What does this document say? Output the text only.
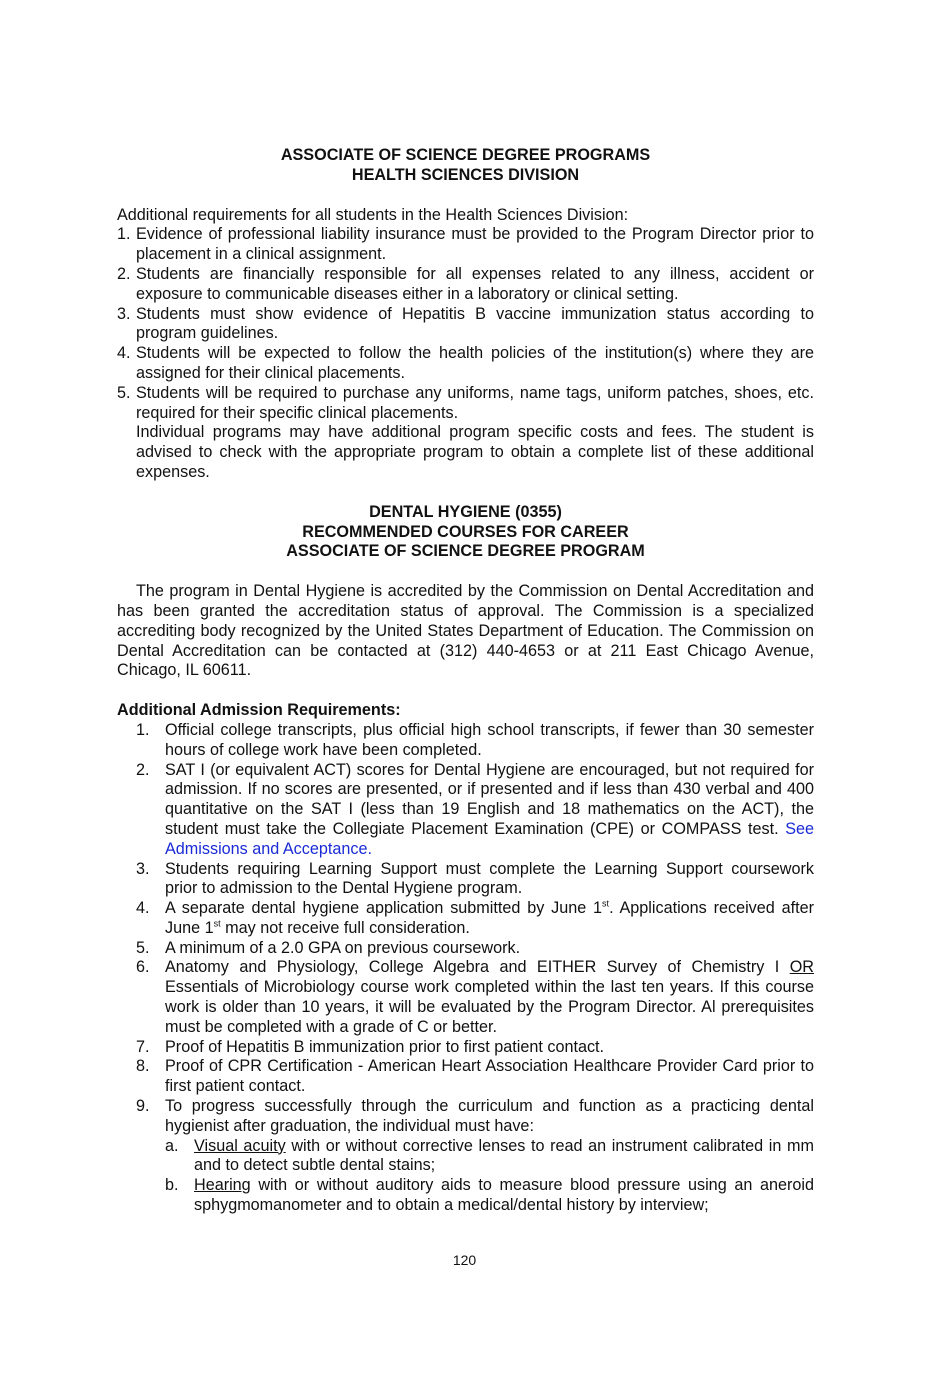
ASSOCIATE OF SCIENCE DEGREE PROGRAMS

HEALTH SCIENCES DIVISION

Additional requirements for all students in the Health Sciences Division:

1. Evidence of professional liability insurance must be provided to the Program Director prior to placement in a clinical assignment.
2. Students are financially responsible for all expenses related to any illness, accident or exposure to communicable diseases either in a laboratory or clinical setting.
3. Students must show evidence of Hepatitis B vaccine immunization status according to program guidelines.
4. Students will be expected to follow the health policies of the institution(s) where they are assigned for their clinical placements.
5. Students will be required to purchase any uniforms, name tags, uniform patches, shoes, etc. required for their specific clinical placements.

Individual programs may have additional program specific costs and fees. The student is advised to check with the appropriate program to obtain a complete list of these additional expenses.

DENTAL HYGIENE (0355)

RECOMMENDED COURSES FOR CAREER

ASSOCIATE OF SCIENCE DEGREE PROGRAM

The program in Dental Hygiene is accredited by the Commission on Dental Accreditation and has been granted the accreditation status of approval. The Commission is a specialized accrediting body recognized by the United States Department of Education. The Commission on Dental Accreditation can be contacted at (312) 440-4653 or at 211 East Chicago Avenue, Chicago, IL 60611.

Additional Admission Requirements:

1. Official college transcripts, plus official high school transcripts, if fewer than 30 semester hours of college work have been completed.
2. SAT I (or equivalent ACT) scores for Dental Hygiene are encouraged, but not required for admission. If no scores are presented, or if presented and if less than 430 verbal and 400 quantitative on the SAT I (less than 19 English and 18 mathematics on the ACT), the student must take the Collegiate Placement Examination (CPE) or COMPASS test. See Admissions and Acceptance.
3. Students requiring Learning Support must complete the Learning Support coursework prior to admission to the Dental Hygiene program.
4. A separate dental hygiene application submitted by June 1st. Applications received after June 1st may not receive full consideration.
5. A minimum of a 2.0 GPA on previous coursework.
6. Anatomy and Physiology, College Algebra and EITHER Survey of Chemistry I OR Essentials of Microbiology course work completed within the last ten years. If this course work is older than 10 years, it will be evaluated by the Program Director. Al prerequisites must be completed with a grade of C or better.
7. Proof of Hepatitis B immunization prior to first patient contact.
8. Proof of CPR Certification - American Heart Association Healthcare Provider Card prior to first patient contact.
9. To progress successfully through the curriculum and function as a practicing dental hygienist after graduation, the individual must have:
a. Visual acuity with or without corrective lenses to read an instrument calibrated in mm and to detect subtle dental stains;
b. Hearing with or without auditory aids to measure blood pressure using an aneroid sphygmomanometer and to obtain a medical/dental history by interview;
120
